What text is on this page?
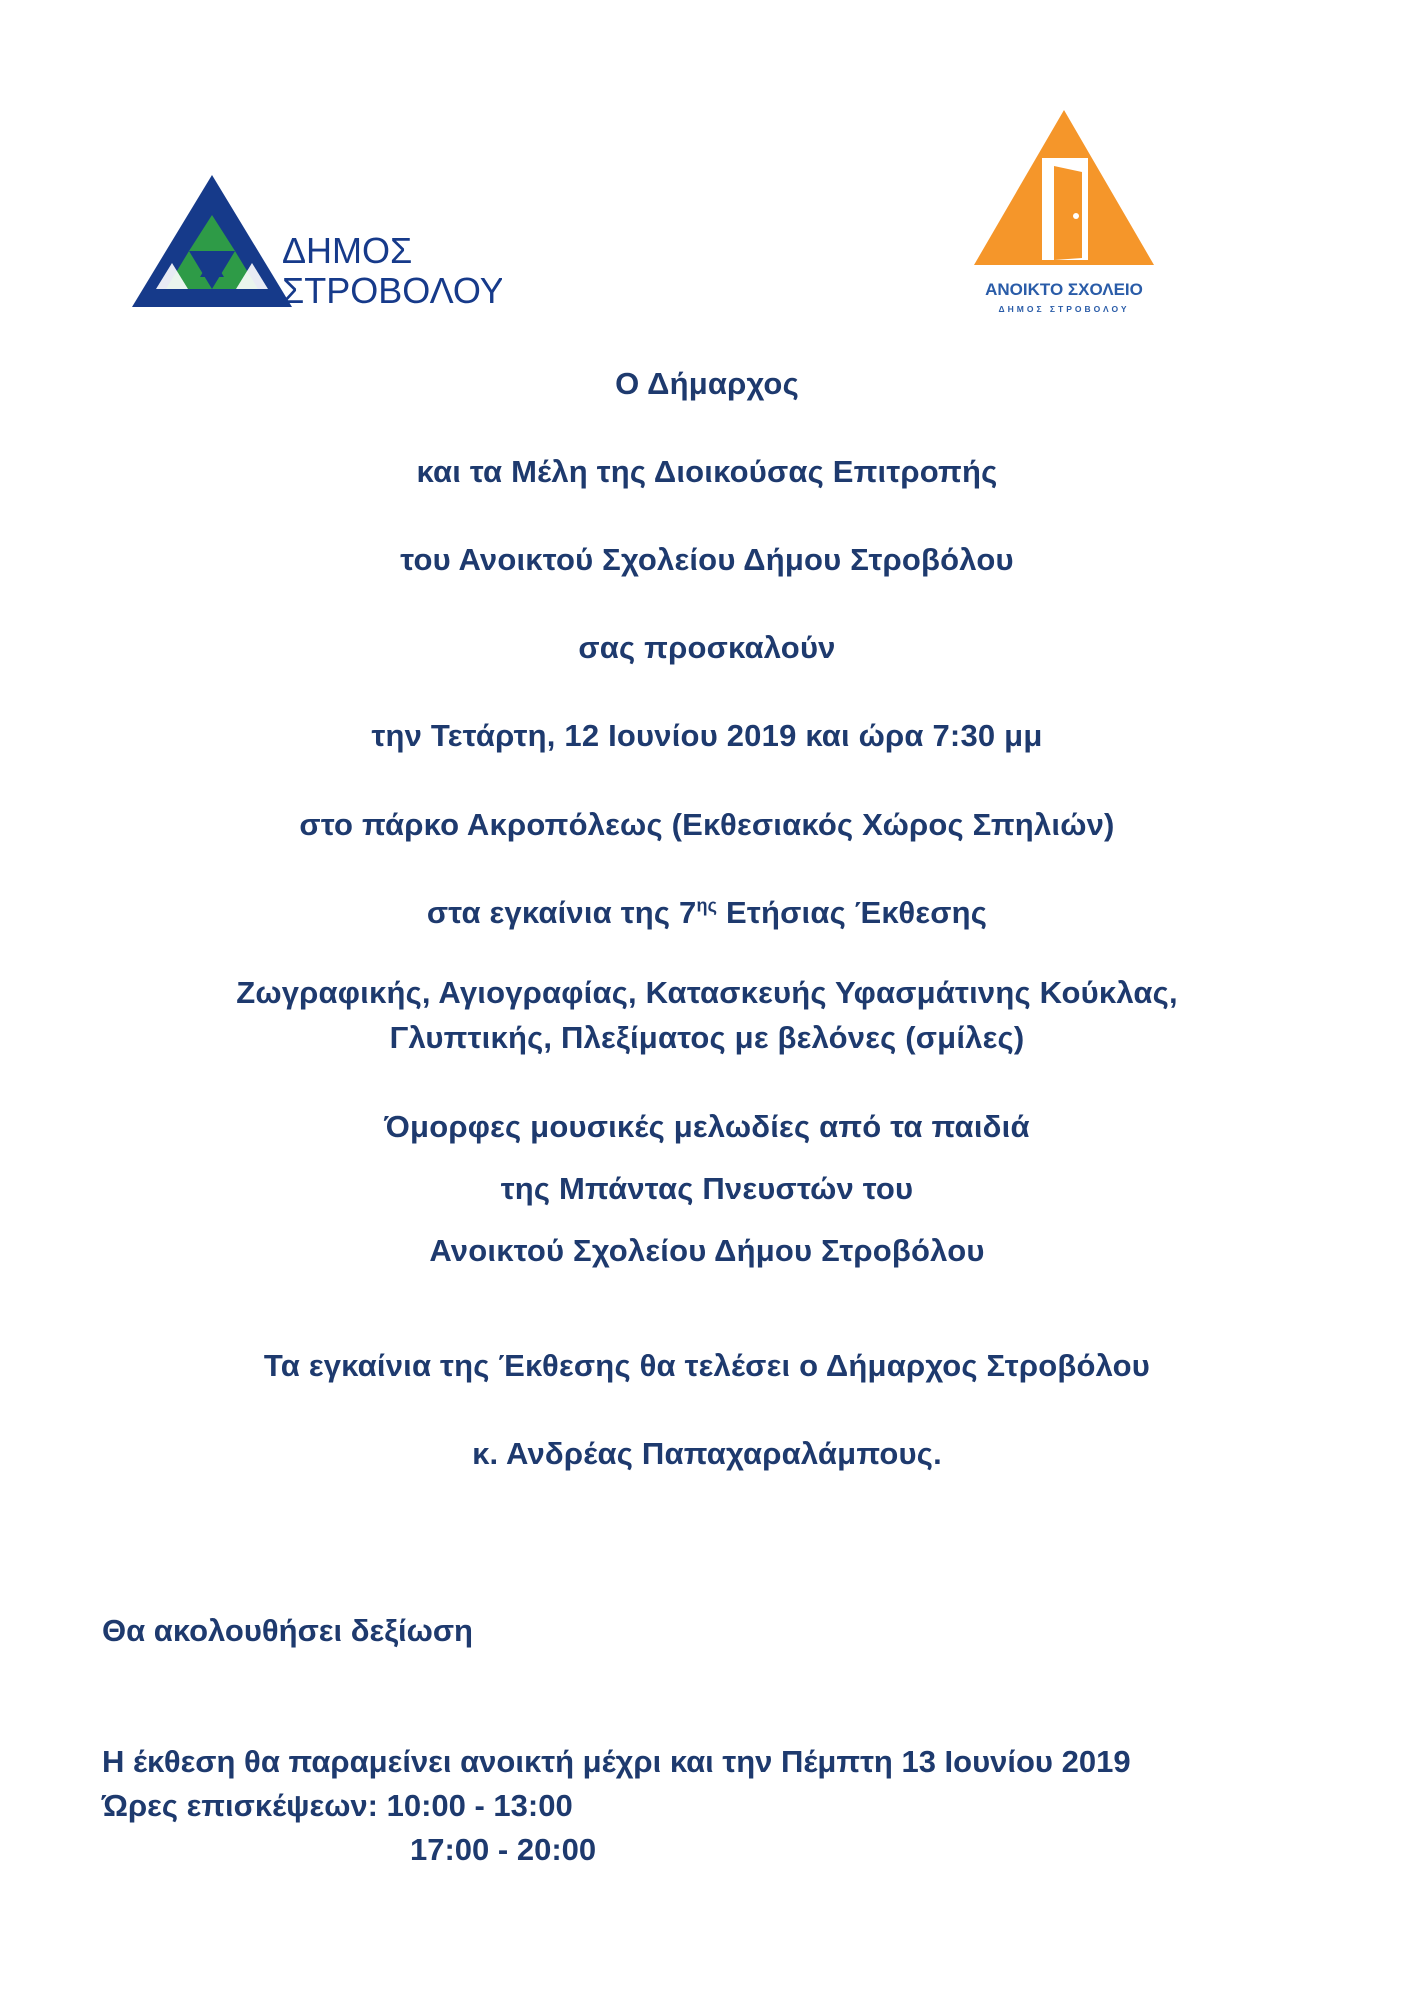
ΔΗΜΟΣ
ΣΤΡΟΒΟΛΟΥ	ΑΝΟΙΚΤΟ ΣΧΟΛΕΙΟ
ΔΗΜΟΣ ΣΤΡΟΒΟΛΟΥ
Ο Δήμαρχος
και τα Μέλη της Διοικούσας Επιτροπής
του Ανοικτού Σχολείου Δήμου Στροβόλου
σας προσκαλούν
την Τετάρτη, 12 Ιουνίου 2019 και ώρα 7:30 μμ
στο πάρκο Ακροπόλεως (Εκθεσιακός Χώρος Σπηλιών)
στα εγκαίνια της $7^{\eta\varsigma}$ Ετήσιας Έκθεσης
Ζωγραφικής, Αγιογραφίας, Κατασκευής Υφασμάτινης Κούκλας,
Γλυπτικής, Πλεξίματος με βελόνες (σμίλες)
Όμορφες μουσικές μελωδίες από τα παιδιά
της Μπάντας Πνευστών του
Ανοικτού Σχολείου Δήμου Στροβόλου
Τα εγκαίνια της Έκθεσης θα τελέσει ο Δήμαρχος Στροβόλου
κ. Ανδρέας Παπαχαραλάμπους.
Θα ακολουθήσει δεξίωση
Η έκθεση θα παραμείνει ανοικτή μέχρι και την Πέμπτη 13 Ιουνίου 2019
Ώρες επισκέψεων: 10:00 - 13:00
17:00 - 20:00
